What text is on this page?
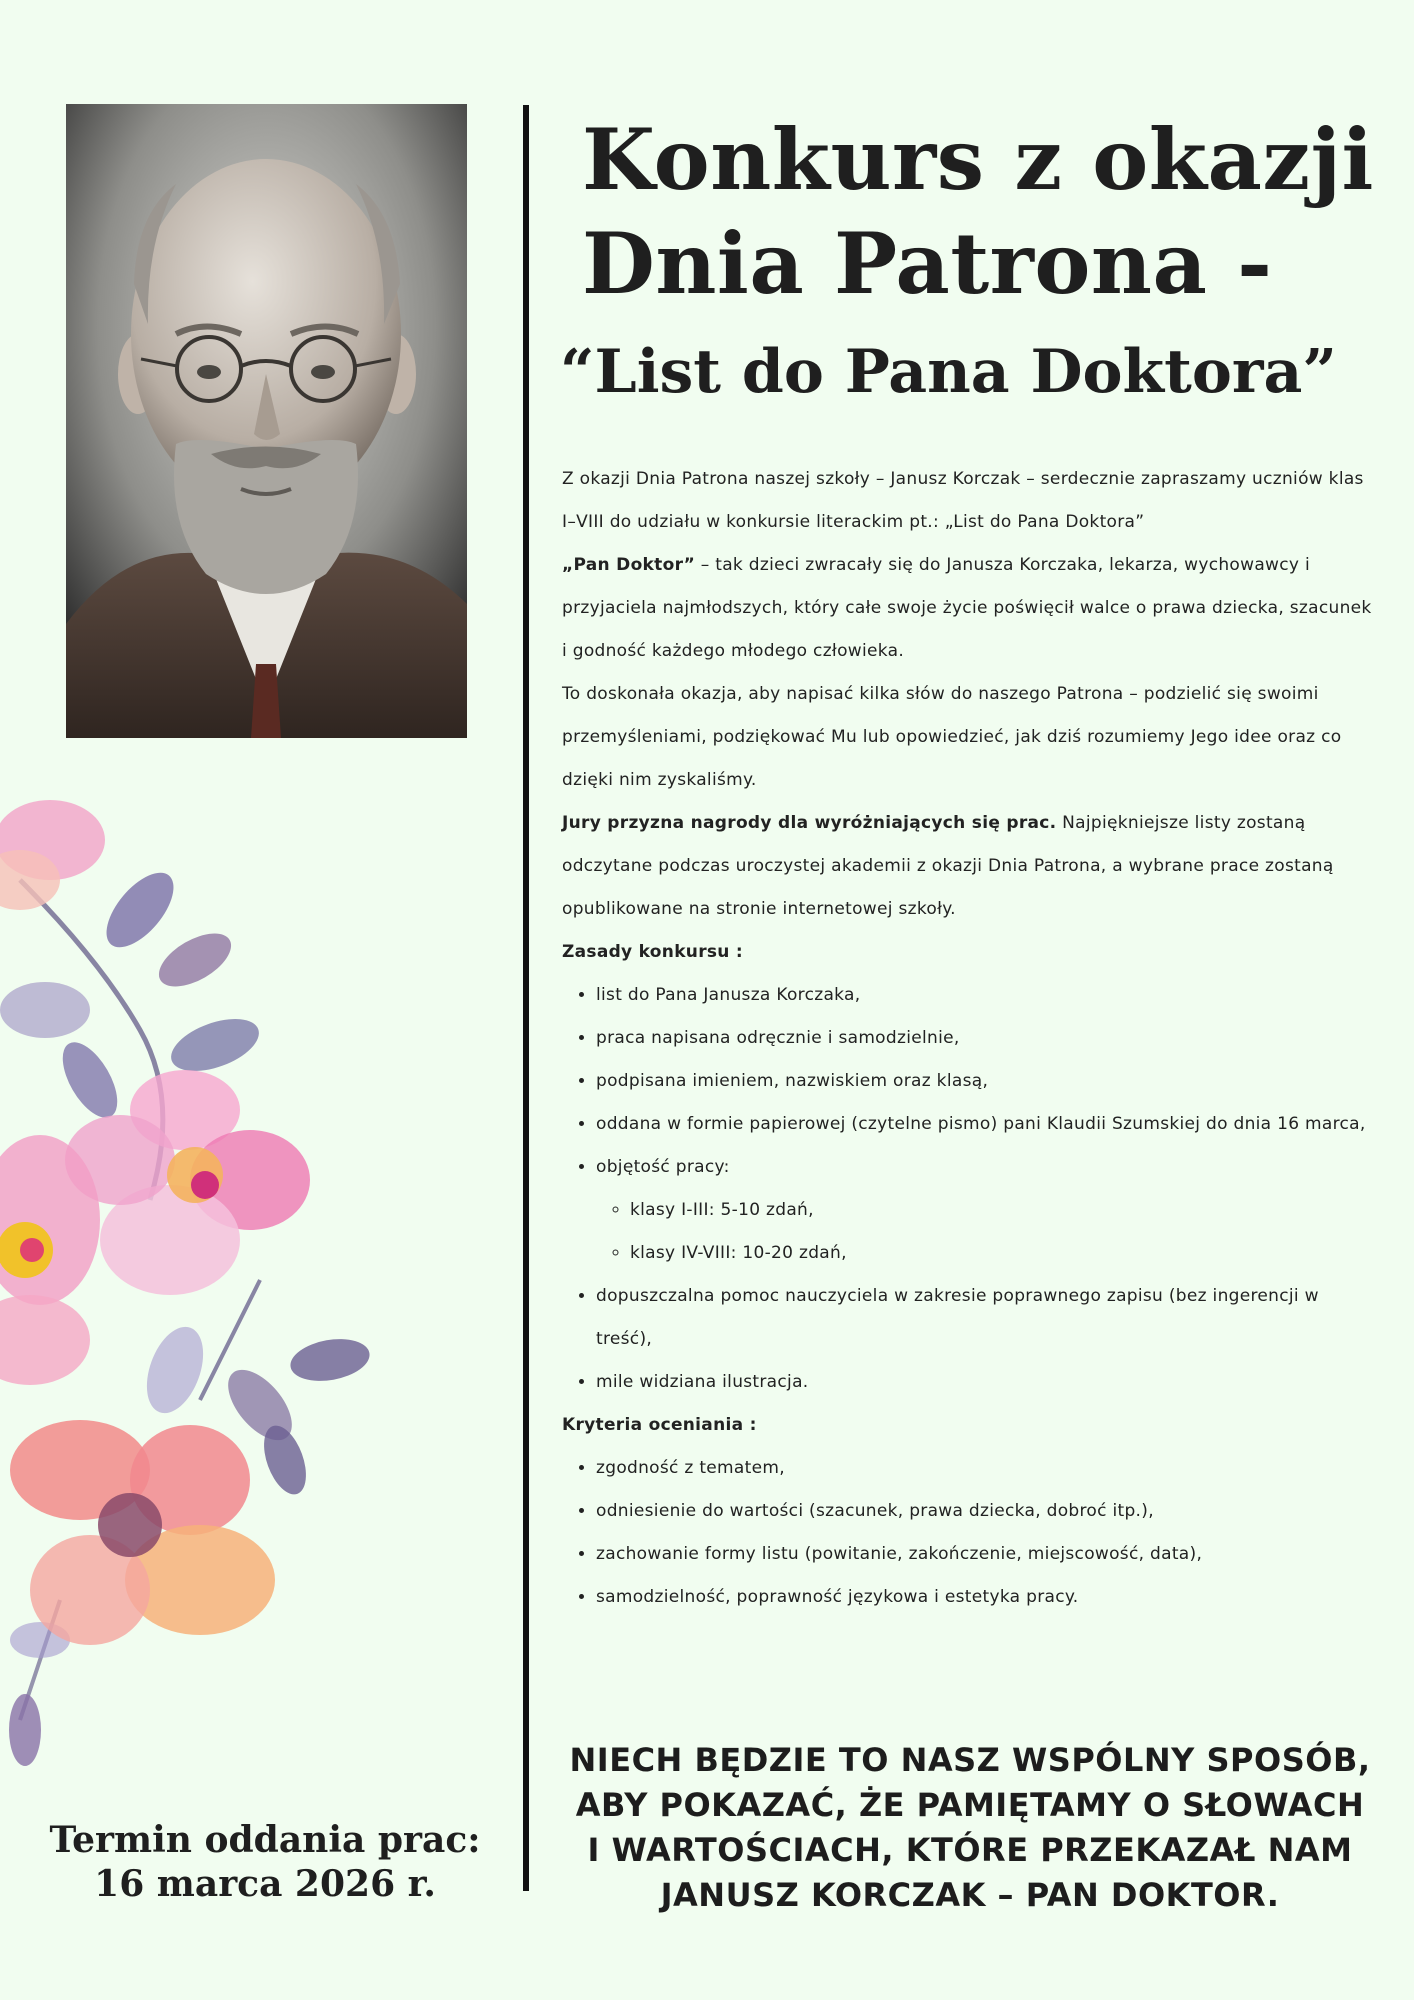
Konkurs z okazji
Dnia Patrona -
“List do Pana Doktora”

Z okazji Dnia Patrona naszej szkoły – Janusz Korczak – serdecznie zapraszamy uczniów klas I–VIII do udziału w konkursie literackim pt.: „List do Pana Doktora”

„Pan Doktor” – tak dzieci zwracały się do Janusza Korczaka, lekarza, wychowawcy i przyjaciela najmłodszych, który całe swoje życie poświęcił walce o prawa dziecka, szacunek i godność każdego młodego człowieka.

To doskonała okazja, aby napisać kilka słów do naszego Patrona – podzielić się swoimi przemyśleniami, podziękować Mu lub opowiedzieć, jak dziś rozumiemy Jego idee oraz co dzięki nim zyskaliśmy.

Jury przyzna nagrody dla wyróżniających się prac. Najpiękniejsze listy zostaną odczytane podczas uroczystej akademii z okazji Dnia Patrona, a wybrane prace zostaną opublikowane na stronie internetowej szkoły.

Zasady konkursu :

• list do Pana Janusza Korczaka,
• praca napisana odręcznie i samodzielnie,
• podpisana imieniem, nazwiskiem oraz klasą,
• oddana w formie papierowej (czytelne pismo) pani Klaudii Szumskiej do dnia 16 marca,
• objętość pracy:
◦ klasy I-III: 5-10 zdań,
◦ klasy IV-VIII: 10-20 zdań,
• dopuszczalna pomoc nauczyciela w zakresie poprawnego zapisu (bez ingerencji w treść),
• mile widziana ilustracja.

Kryteria oceniania :

• zgodność z tematem,
• odniesienie do wartości (szacunek, prawa dziecka, dobroć itp.),
• zachowanie formy listu (powitanie, zakończenie, miejscowość, data),
• samodzielność, poprawność językowa i estetyka pracy.
NIECH BĘDZIE TO NASZ WSPÓLNY SPOSÓB,
ABY POKAZAĆ, ŻE PAMIĘTAMY O SŁOWACH
I WARTOŚCIACH, KTÓRE PRZEKAZAŁ NAM
JANUSZ KORCZAK – PAN DOKTOR.
Termin oddania prac:
16 marca 2026 r.
